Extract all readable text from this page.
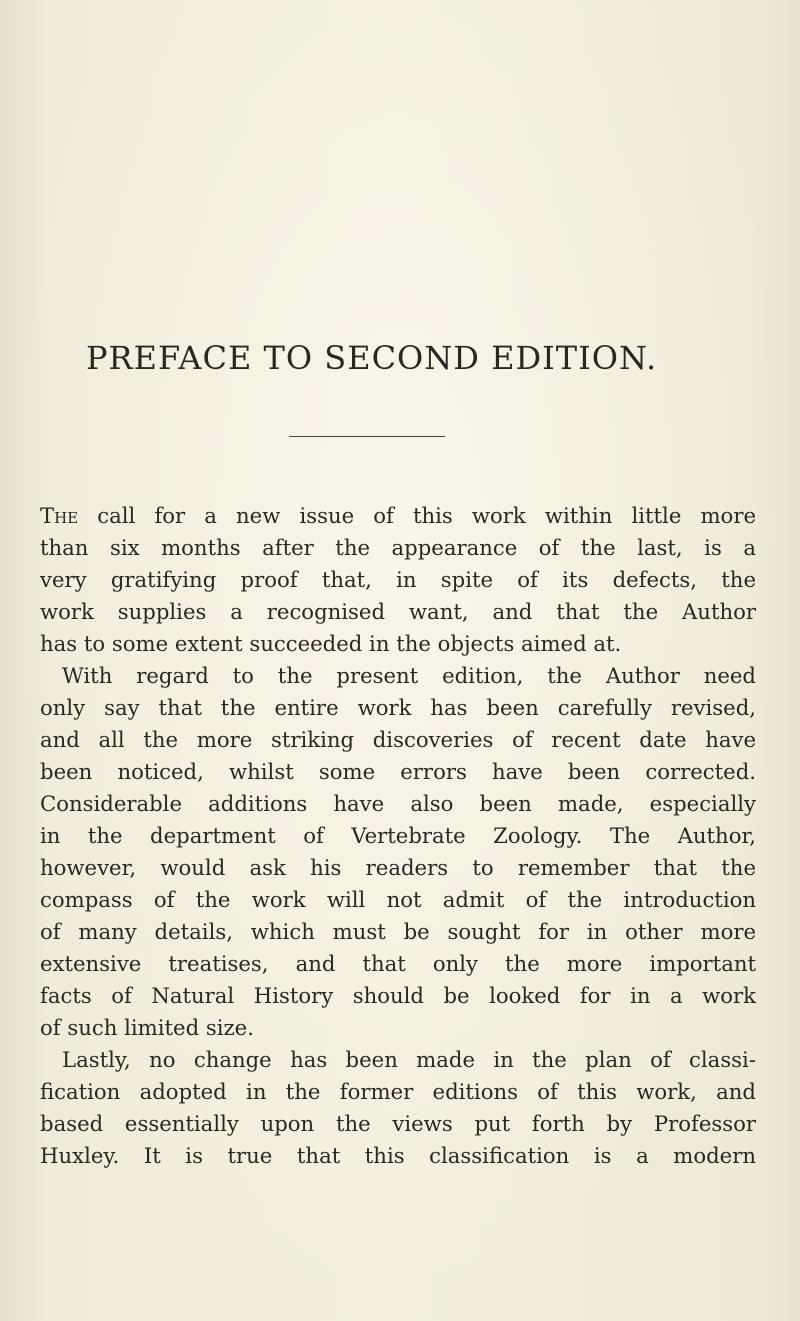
PREFACE TO SECOND EDITION.
The call for a new issue of this work within little more
than six months after the appearance of the last, is a
very gratifying proof that, in spite of its defects, the
work supplies a recognised want, and that the Author
has to some extent succeeded in the objects aimed at.
With regard to the present edition, the Author need
only say that the entire work has been carefully revised,
and all the more striking discoveries of recent date have
been noticed, whilst some errors have been corrected.
Considerable additions have also been made, especially
in the department of Vertebrate Zoology. The Author,
however, would ask his readers to remember that the
compass of the work will not admit of the introduction
of many details, which must be sought for in other more
extensive treatises, and that only the more important
facts of Natural History should be looked for in a work
of such limited size.
Lastly, no change has been made in the plan of classi-
fication adopted in the former editions of this work, and
based essentially upon the views put forth by Professor
Huxley. It is true that this classification is a modern
